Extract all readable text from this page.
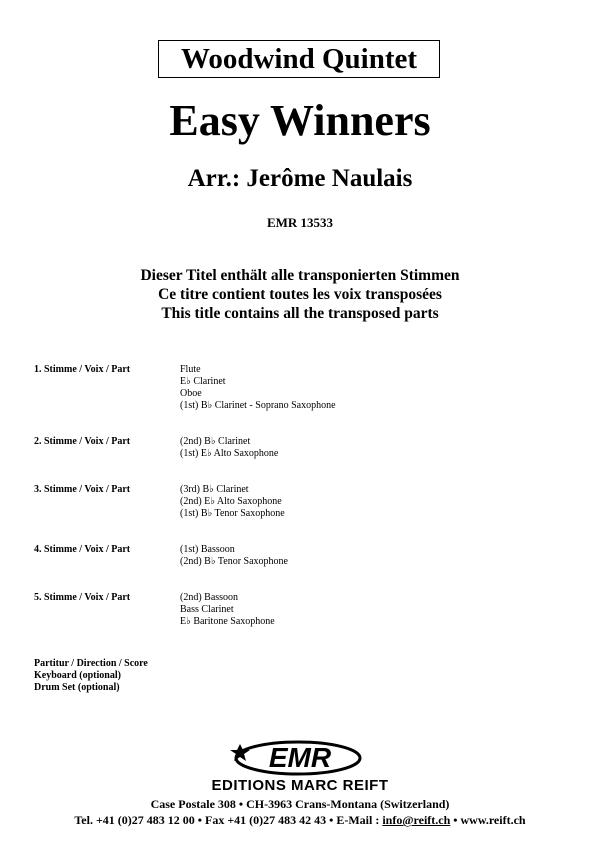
Woodwind Quintet
Easy Winners
Arr.: Jerôme Naulais
EMR 13533
Dieser Titel enthält alle transponierten Stimmen
Ce titre contient toutes les voix transposées
This title contains all the transposed parts
1. Stimme / Voix / Part	Flute
E♭ Clarinet
Oboe
(1st) B♭ Clarinet - Soprano Saxophone
2. Stimme / Voix / Part	(2nd) B♭ Clarinet
(1st) E♭ Alto Saxophone
3. Stimme / Voix / Part	(3rd) B♭ Clarinet
(2nd) E♭ Alto Saxophone
(1st) B♭ Tenor Saxophone
4. Stimme / Voix / Part	(1st) Bassoon
(2nd) B♭ Tenor Saxophone
5. Stimme / Voix / Part	(2nd) Bassoon
Bass Clarinet
E♭ Baritone Saxophone
Partitur / Direction / Score
Keyboard (optional)
Drum Set (optional)
EMR
EDITIONS MARC REIFT
Case Postale 308 • CH-3963 Crans-Montana (Switzerland)
Tel. +41 (0)27 483 12 00 • Fax +41 (0)27 483 42 43 • E-Mail : info@reift.ch • www.reift.ch
